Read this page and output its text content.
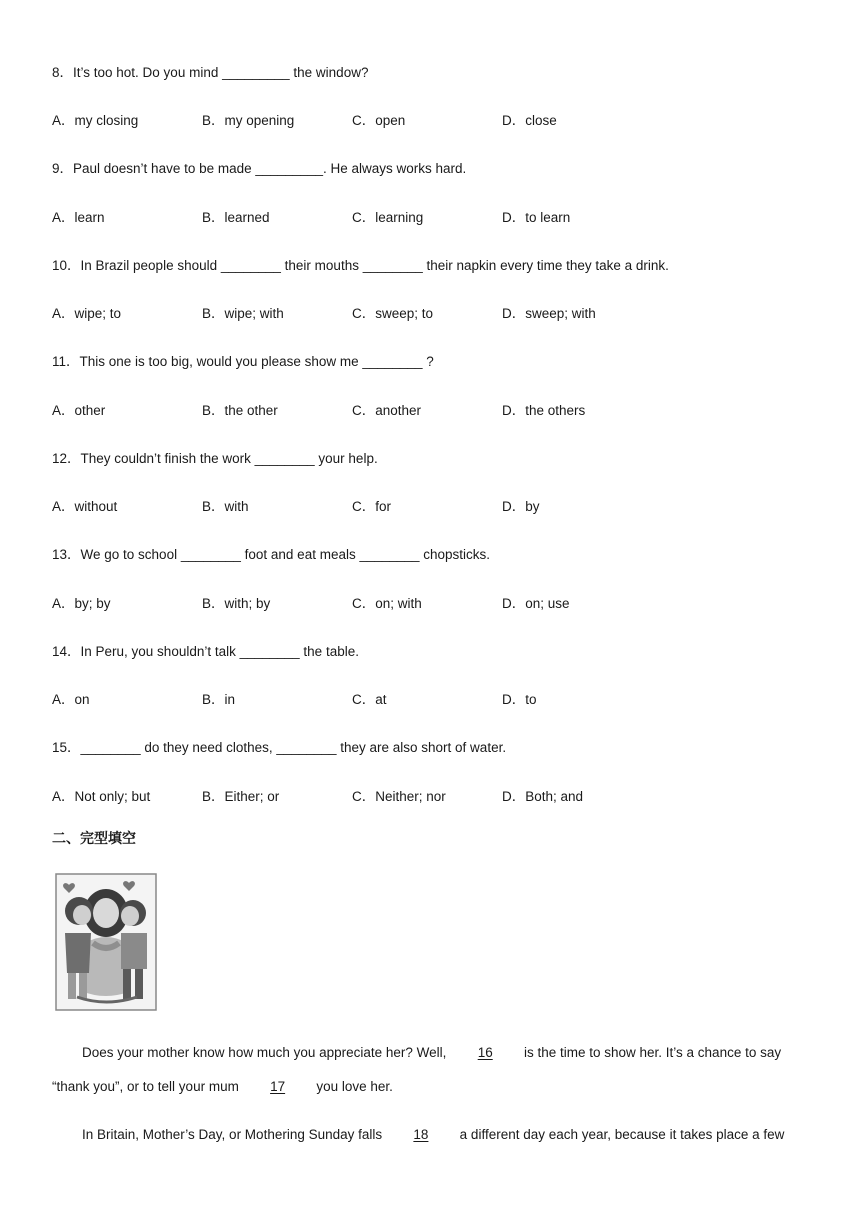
8．It’s too hot. Do you mind _________ the window?
A．my closing	B．my opening	C．open	D．close
9．Paul doesn’t have to be made _________. He always works hard.
A．learn	B．learned	C．learning	D．to learn
10．In Brazil people should ________ their mouths ________ their napkin every time they take a drink.
A．wipe; to	B．wipe; with	C．sweep; to	D．sweep; with
11．This one is too big, would you please show me ________ ?
A．other	B．the other	C．another	D．the others
12．They couldn’t finish the work ________ your help.
A．without	B．with	C．for	D．by
13．We go to school ________ foot and eat meals ________ chopsticks.
A．by; by	B．with; by	C．on; with	D．on; use
14．In Peru, you shouldn’t talk ________ the table.
A．on	B．in	C．at	D．to
15．________ do they need clothes, ________ they are also short of water.
A．Not only; but	B．Either; or	C．Neither; nor	D．Both; and
二、完型填空
Does your mother know how much you appreciate her? Well, 16 is the time to show her. It’s a chance to say
“thank you”, or to tell your mum 17 you love her.
In Britain, Mother’s Day, or Mothering Sunday falls 18 a different day each year, because it takes place a few
